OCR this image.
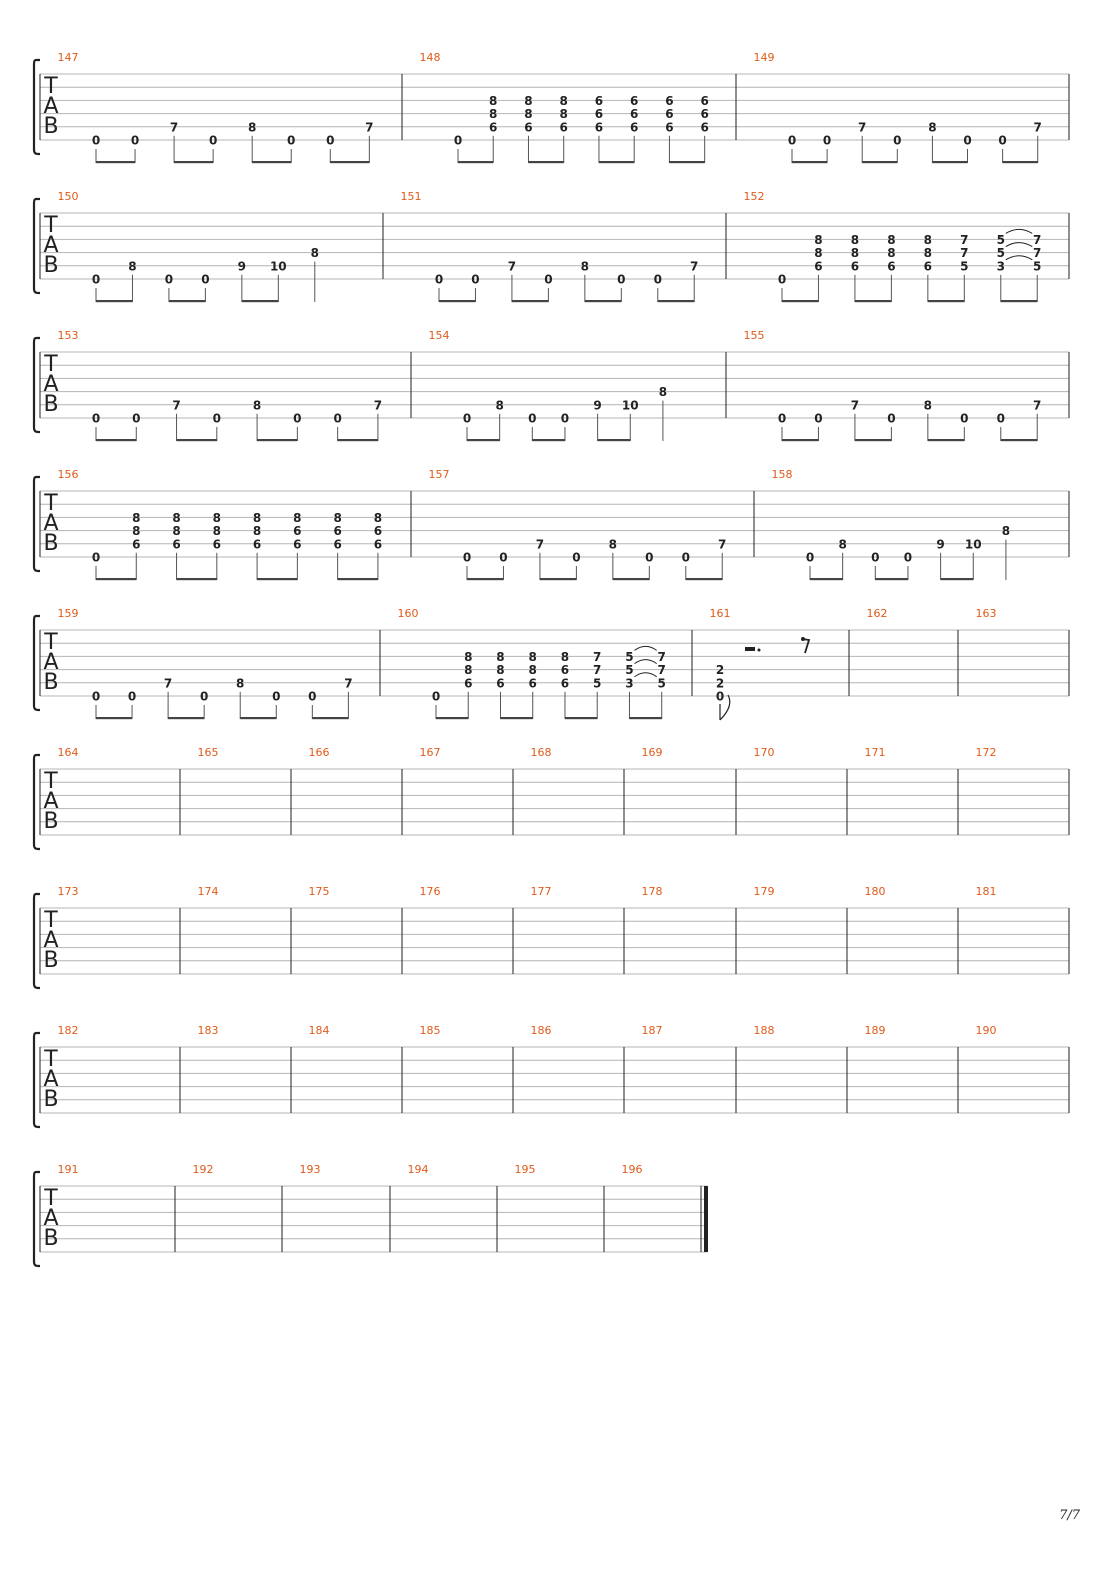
T
A
B
147
0	0
7
0
8
0	0
7
148
0
8
8
6
8
8
6
8
8
6
6
6
6
6
6
6
6
6
6
6
6
6
149
0 0
7
0
8
0 0
7
T
A
B
150
0
8
0 0
9 10
8
151
0 0
7
0
8
0 0
7
152
0
8
8
6
8
8
6
8
8
6
8
8
6
7
7
5
5
5
3
7
7
5
T
A
B
153
0	0
7
0
8
0	0
7
154
0
8
0 0
9 10
8
155
0 0
7
0
8
0 0
7
T
A
B
156
0
8
8
6
8
8
6
8
8
6
8
8
6
8
6
6
8
6
6
8
6
6
157
0 0
7
0
8
0 0
7
158
0
8
0 0
9 10
8
T
A
B
159
0 0
7
0
8
0 0
7
160
0
8
8
6
8
8
6
8
8
6
8
6
6
7
7
5
5
5
3
7
7
5
161
2
2
0
162	163
T
A
B
164	165	166	167	168	169	170	171	172
T
A
B
173	174	175	176	177	178	179	180	181
T
A
B
182	183	184	185	186	187	188	189	190
T
A
B
191	192	193	194	195	196
7/7
